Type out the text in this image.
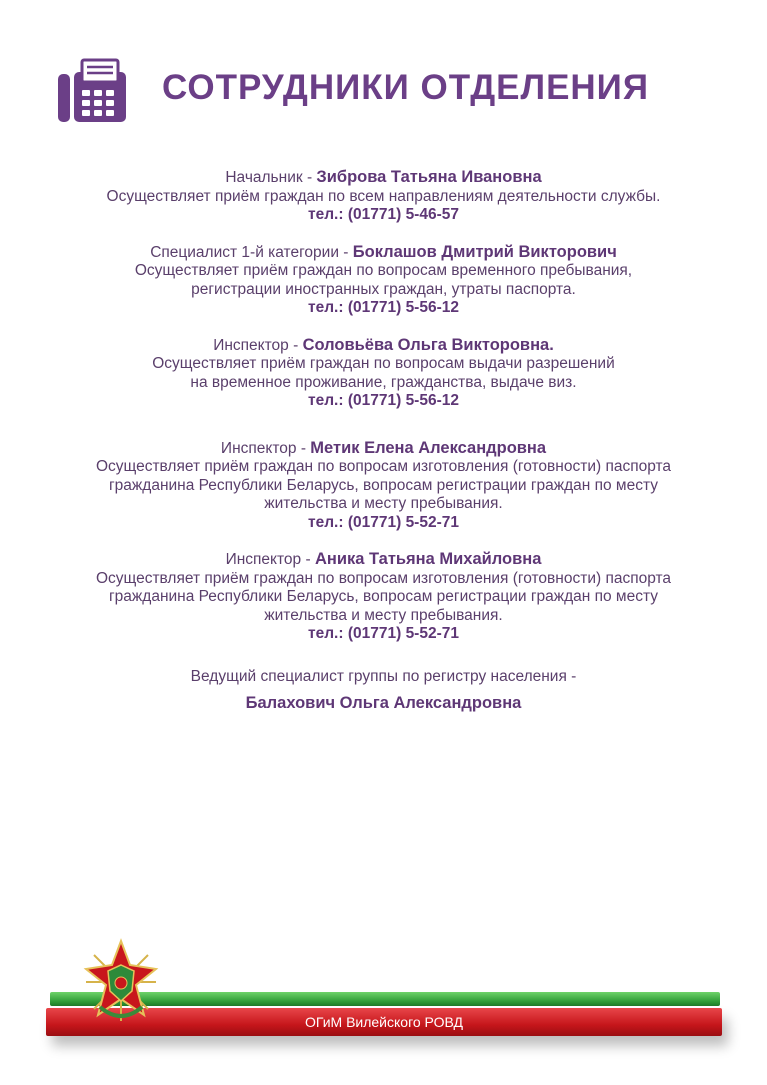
СОТРУДНИКИ ОТДЕЛЕНИЯ
Начальник - Зиброва Татьяна Ивановна
Осуществляет приём граждан по всем направлениям деятельности службы.
тел.: (01771) 5-46-57
Специалист 1-й категории - Боклашов Дмитрий Викторович
Осуществляет приём граждан по вопросам временного пребывания,
регистрации иностранных граждан, утраты паспорта.
тел.: (01771) 5-56-12
Инспектор - Соловьёва Ольга Викторовна.
Осуществляет приём граждан по вопросам выдачи разрешений
на временное проживание, гражданства, выдаче виз.
тел.: (01771) 5-56-12
Инспектор - Метик Елена Александровна
Осуществляет приём граждан по вопросам изготовления (готовности) паспорта
гражданина Республики Беларусь, вопросам регистрации граждан по месту
жительства и месту пребывания.
тел.: (01771) 5-52-71
Инспектор - Аника Татьяна Михайловна
Осуществляет приём граждан по вопросам изготовления (готовности) паспорта
гражданина Республики Беларусь, вопросам регистрации граждан по месту
жительства и месту пребывания.
тел.: (01771) 5-52-71
Ведущий специалист группы по регистру населения -
Балахович Ольга Александровна
ОГиМ Вилейского РОВД
